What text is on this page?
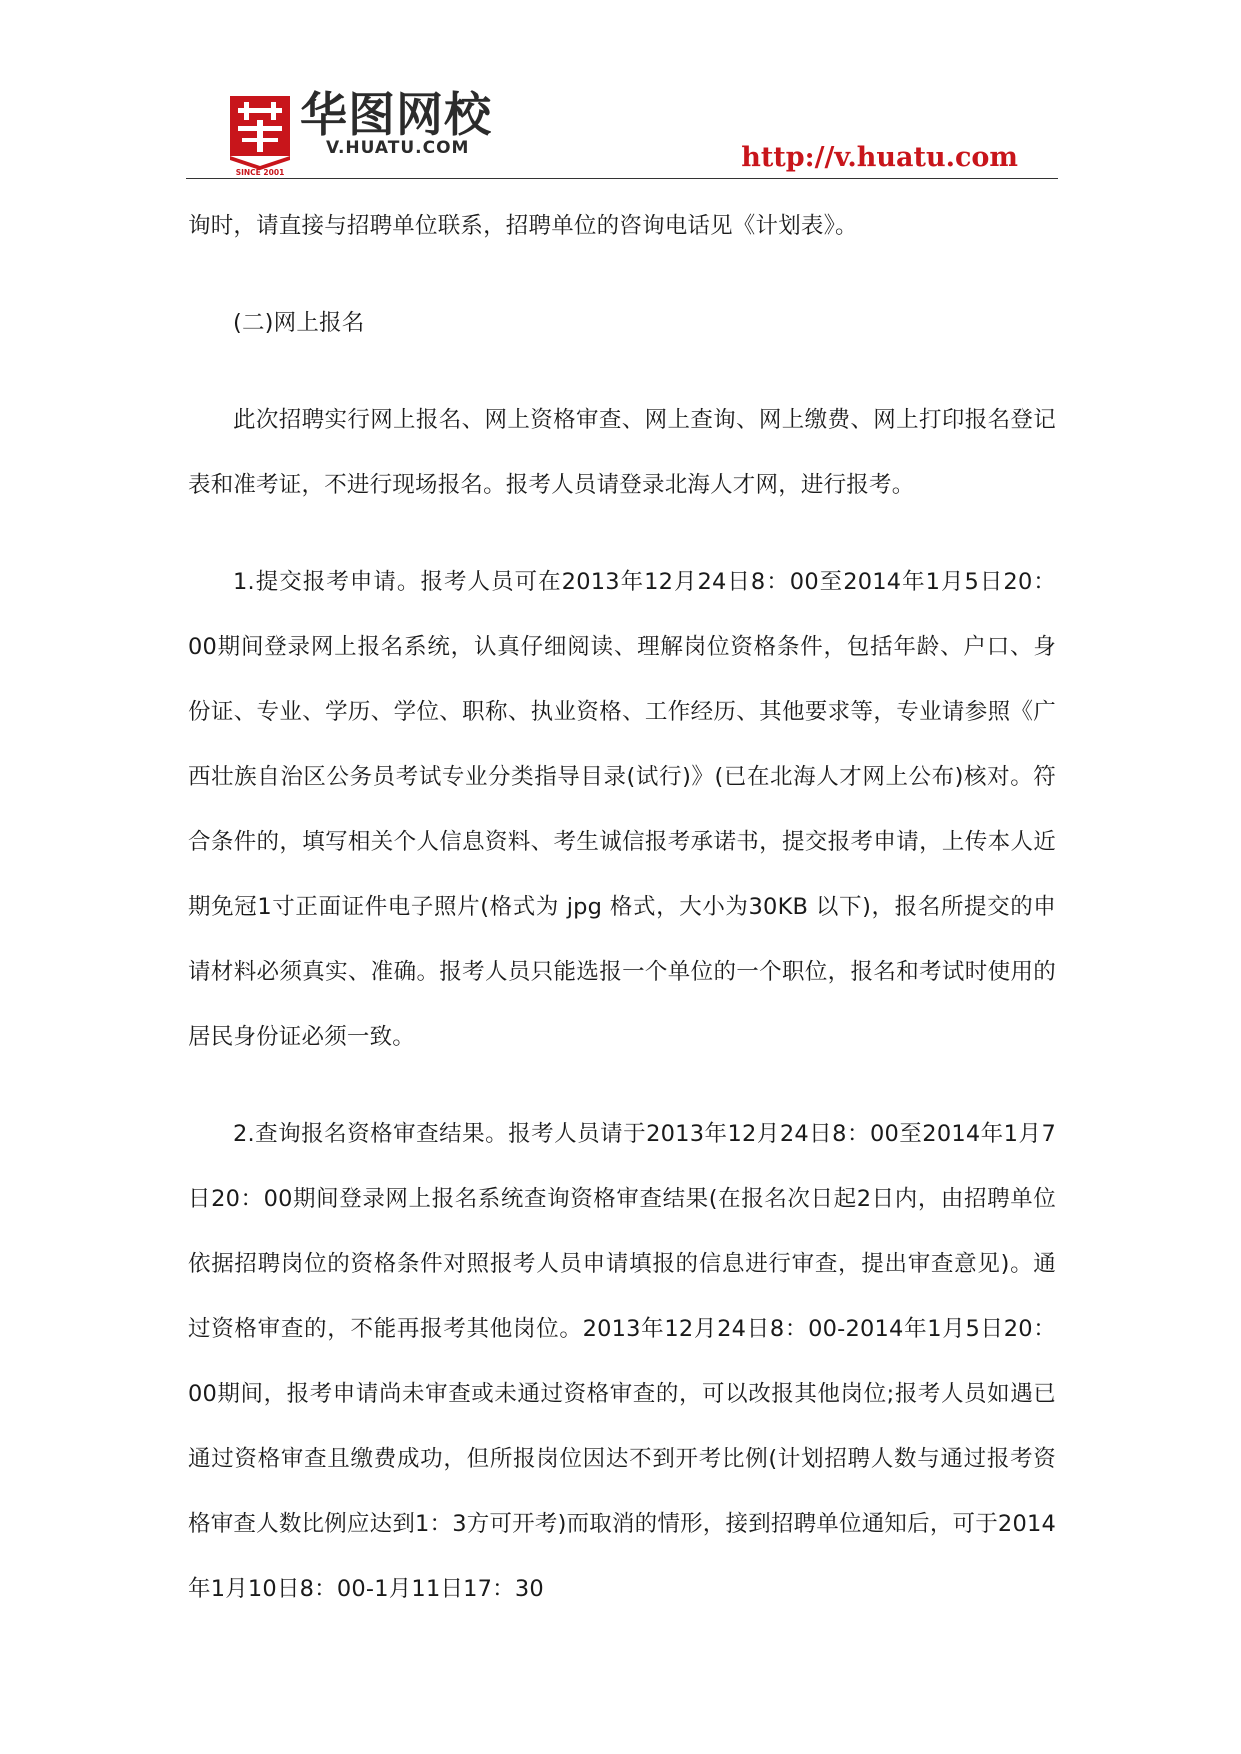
SINCE 2001
华图网校
V.HUATU.COM	http://v.huatu.com

询时，请直接与招聘单位联系，招聘单位的咨询电话见《计划表》。

(二)网上报名

此次招聘实行网上报名、网上资格审查、网上查询、网上缴费、网上打印报名登记表和准考证，不进行现场报名。报考人员请登录北海人才网，进行报考。

1.提交报考申请。报考人员可在2013年12月24日8：00至2014年1月5日20：00期间登录网上报名系统，认真仔细阅读、理解岗位资格条件，包括年龄、户口、身份证、专业、学历、学位、职称、执业资格、工作经历、其他要求等，专业请参照《广西壮族自治区公务员考试专业分类指导目录(试行)》(已在北海人才网上公布)核对。符合条件的，填写相关个人信息资料、考生诚信报考承诺书，提交报考申请，上传本人近期免冠1寸正面证件电子照片(格式为 jpg 格式，大小为30KB 以下)，报名所提交的申请材料必须真实、准确。报考人员只能选报一个单位的一个职位，报名和考试时使用的居民身份证必须一致。

2.查询报名资格审查结果。报考人员请于2013年12月24日8：00至2014年1月7日20：00期间登录网上报名系统查询资格审查结果(在报名次日起2日内，由招聘单位依据招聘岗位的资格条件对照报考人员申请填报的信息进行审查，提出审查意见)。通过资格审查的，不能再报考其他岗位。2013年12月24日8：00-2014年1月5日20：00期间，报考申请尚未审查或未通过资格审查的，可以改报其他岗位;报考人员如遇已通过资格审查且缴费成功，但所报岗位因达不到开考比例(计划招聘人数与通过报考资格审查人数比例应达到1：3方可开考)而取消的情形，接到招聘单位通知后，可于2014年1月10日8：00-1月11日17：30
